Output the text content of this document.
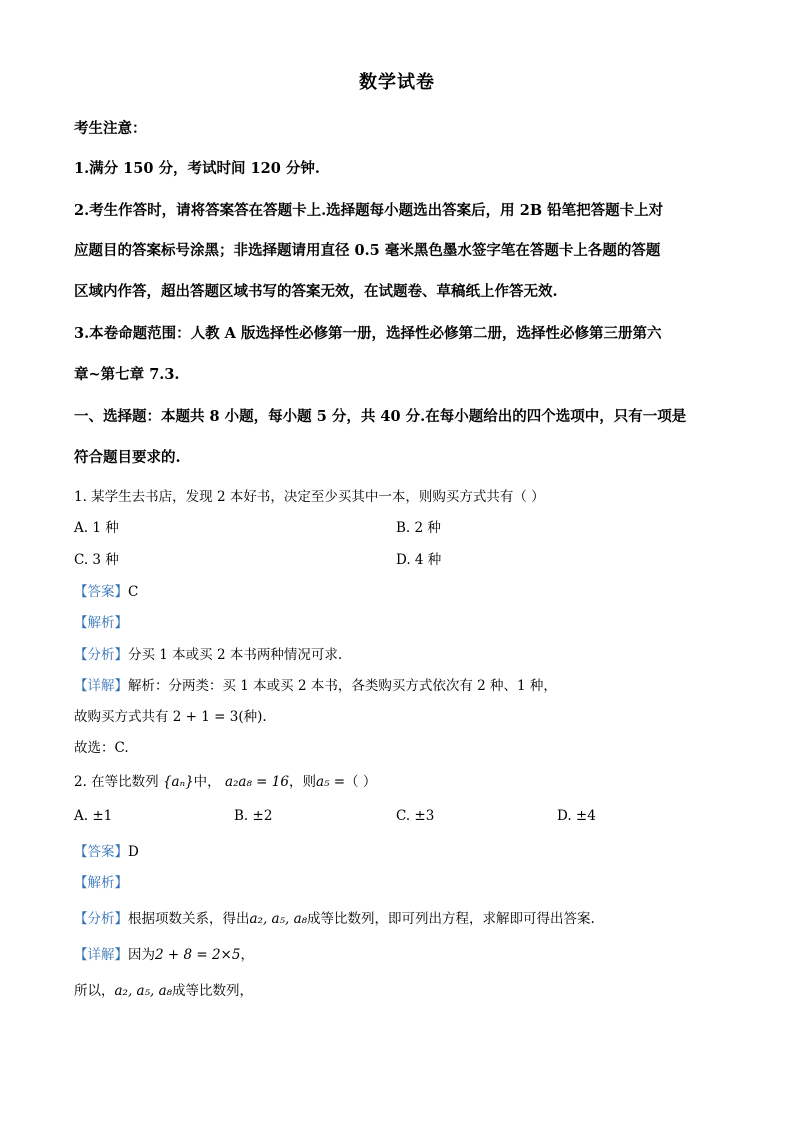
数学试卷
考生注意：
1.满分 150 分，考试时间 120 分钟.
2.考生作答时，请将答案答在答题卡上.选择题每小题选出答案后，用 2B 铅笔把答题卡上对
应题目的答案标号涂黑；非选择题请用直径 0.5 毫米黑色墨水签字笔在答题卡上各题的答题
区域内作答，超出答题区域书写的答案无效，在试题卷、草稿纸上作答无效.
3.本卷命题范围：人教 A 版选择性必修第一册，选择性必修第二册，选择性必修第三册第六
章~第七章 7.3.
一、选择题：本题共 8 小题，每小题 5 分，共 40 分.在每小题给出的四个选项中，只有一项是
符合题目要求的.
1. 某学生去书店，发现 2 本好书，决定至少买其中一本，则购买方式共有（ ）
A. 1 种	B. 2 种
C. 3 种	D. 4 种
【答案】C
【解析】
【分析】分买 1 本或买 2 本书两种情况可求.
【详解】解析：分两类：买 1 本或买 2 本书，各类购买方式依次有 2 种、1 种，
故购买方式共有 2 + 1 = 3(种).
故选：C.
2. 在等比数列 {aₙ}中， a₂a₈ = 16，则a₅ =（ ）
A. ±1	B. ±2	C. ±3	D. ±4
【答案】D
【解析】
【分析】根据项数关系，得出a₂, a₅, a₈成等比数列，即可列出方程，求解即可得出答案.
【详解】因为2 + 8 = 2×5，
所以，a₂, a₅, a₈成等比数列，
